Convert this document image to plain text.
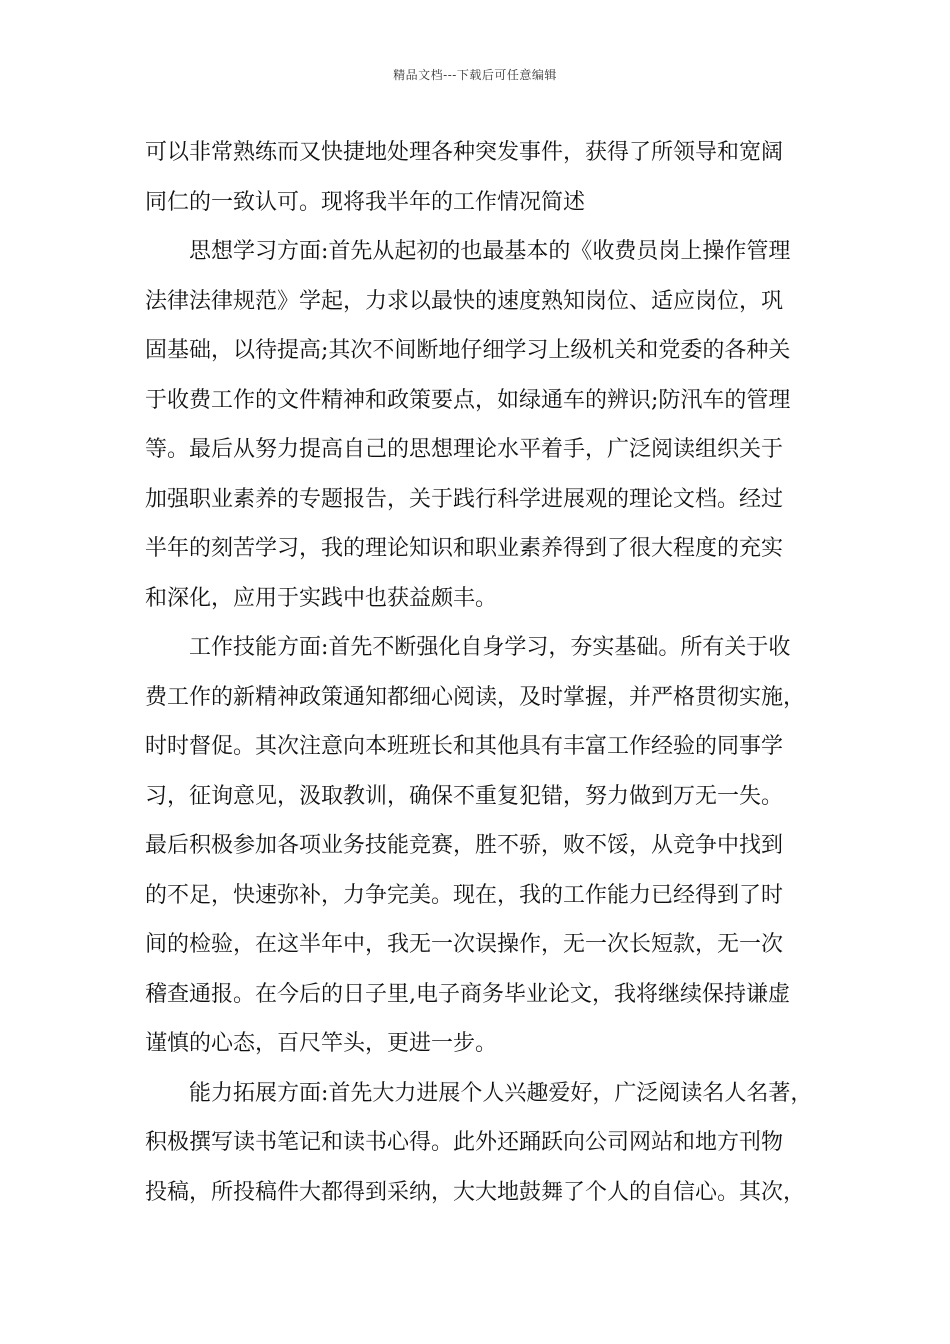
精品文档---下载后可任意编辑

可以非常熟练而又快捷地处理各种突发事件，获得了所领导和宽阔
同仁的一致认可。现将我半年的工作情况简述

思想学习方面:首先从起初的也最基本的《收费员岗上操作管理
法律法律规范》学起，力求以最快的速度熟知岗位、适应岗位，巩
固基础，以待提高;其次不间断地仔细学习上级机关和党委的各种关
于收费工作的文件精神和政策要点，如绿通车的辨识;防汛车的管理
等。最后从努力提高自己的思想理论水平着手，广泛阅读组织关于
加强职业素养的专题报告，关于践行科学进展观的理论文档。经过
半年的刻苦学习，我的理论知识和职业素养得到了很大程度的充实
和深化，应用于实践中也获益颇丰。

工作技能方面:首先不断强化自身学习，夯实基础。所有关于收
费工作的新精神政策通知都细心阅读，及时掌握，并严格贯彻实施，
时时督促。其次注意向本班班长和其他具有丰富工作经验的同事学
习，征询意见，汲取教训，确保不重复犯错，努力做到万无一失。
最后积极参加各项业务技能竞赛，胜不骄，败不馁，从竞争中找到
的不足，快速弥补，力争完美。现在，我的工作能力已经得到了时
间的检验，在这半年中，我无一次误操作，无一次长短款，无一次
稽查通报。在今后的日子里,电子商务毕业论文，我将继续保持谦虚
谨慎的心态，百尺竿头，更进一步。

能力拓展方面:首先大力进展个人兴趣爱好，广泛阅读名人名著，
积极撰写读书笔记和读书心得。此外还踊跃向公司网站和地方刊物
投稿，所投稿件大都得到采纳，大大地鼓舞了个人的自信心。其次，
